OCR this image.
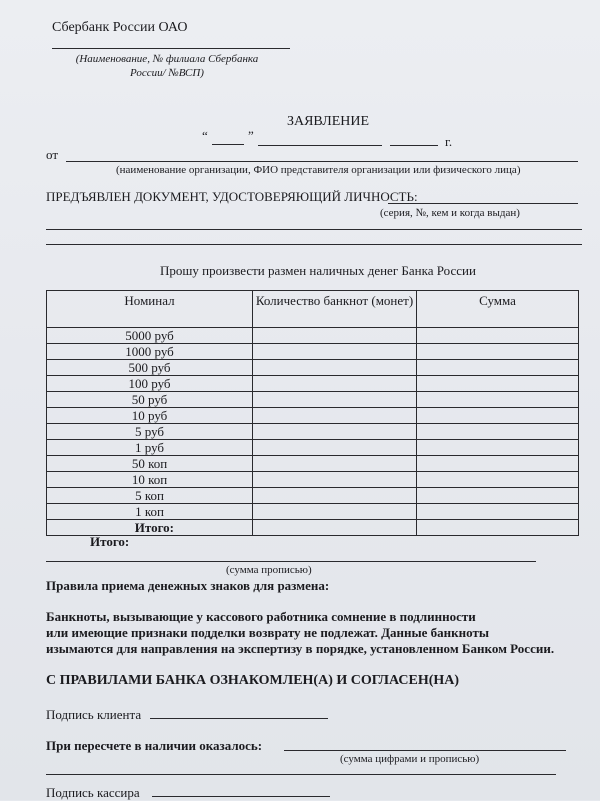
Сбербанк России ОАО
(Наименование, № филиала Сбербанка
России/ №ВСП)
ЗАЯВЛЕНИЕ
“	”	г.
от
(наименование организации, ФИО представителя организации или физического лица)
ПРЕДЪЯВЛЕН ДОКУМЕНТ, УДОСТОВЕРЯЮЩИЙ ЛИЧНОСТЬ:
(серия, №, кем и когда выдан)
Прошу произвести размен наличных денег Банка России
Номинал	Количество банкнот (монет)	Сумма
5000 руб		
1000 руб		
500 руб		
100 руб		
50 руб		
10 руб		
5 руб		
1 руб		
50 коп		
10 коп		
5 коп		
1 коп		
Итого:		
Итого:
(сумма прописью)
Правила приема денежных знаков для размена:
Банкноты, вызывающие у кассового работника сомнение в подлинности
или имеющие признаки подделки возврату не подлежат. Данные банкноты
изымаются для направления на экспертизу в порядке, установленном Банком России.
С ПРАВИЛАМИ БАНКА ОЗНАКОМЛЕН(А) И СОГЛАСЕН(НА)
Подпись клиента
При пересчете в наличии оказалось:
(сумма цифрами и прописью)
Подпись кассира
